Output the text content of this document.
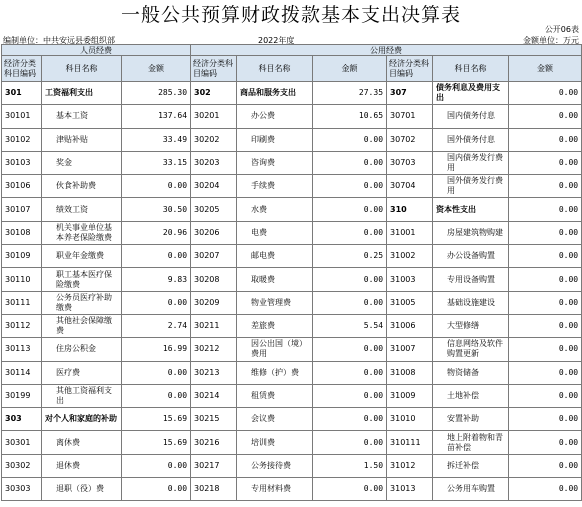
一般公共预算财政拨款基本支出决算表
公开06表
编制单位：中共安远县委组织部	2022年度	金额单位：万元
人员经费			公用经费					
经济分类科目编码	科目名称	金额	经济分类科目编码	科目名称	金额	经济分类科目编码	科目名称	金额
301	工资福利支出	285.30	302	商品和服务支出	27.35	307	债务利息及费用支出	0.00
30101	基本工资	137.64	30201	办公费	10.65	30701	国内债务付息	0.00
30102	津贴补贴	33.49	30202	印刷费	0.00	30702	国外债务付息	0.00
30103	奖金	33.15	30203	咨询费	0.00	30703	国内债务发行费用	0.00
30106	伙食补助费	0.00	30204	手续费	0.00	30704	国外债务发行费用	0.00
30107	绩效工资	30.50	30205	水费	0.00	310	资本性支出	0.00
30108	机关事业单位基本养老保险缴费	20.96	30206	电费	0.00	31001	房屋建筑物购建	0.00
30109	职业年金缴费	0.00	30207	邮电费	0.25	31002	办公设备购置	0.00
30110	职工基本医疗保险缴费	9.83	30208	取暖费	0.00	31003	专用设备购置	0.00
30111	公务员医疗补助缴费	0.00	30209	物业管理费	0.00	31005	基础设施建设	0.00
30112	其他社会保障缴费	2.74	30211	差旅费	5.54	31006	大型修缮	0.00
30113	住房公积金	16.99	30212	因公出国（境）费用	0.00	31007	信息网络及软件购置更新	0.00
30114	医疗费	0.00	30213	维修（护）费	0.00	31008	物资储备	0.00
30199	其他工资福利支出	0.00	30214	租赁费	0.00	31009	土地补偿	0.00
303	对个人和家庭的补助	15.69	30215	会议费	0.00	31010	安置补助	0.00
30301	离休费	15.69	30216	培训费	0.00	310111	地上附着物和青苗补偿	0.00
30302	退休费	0.00	30217	公务接待费	1.50	31012	拆迁补偿	0.00
30303	退职（役）费	0.00	30218	专用材料费	0.00	31013	公务用车购置	0.00
